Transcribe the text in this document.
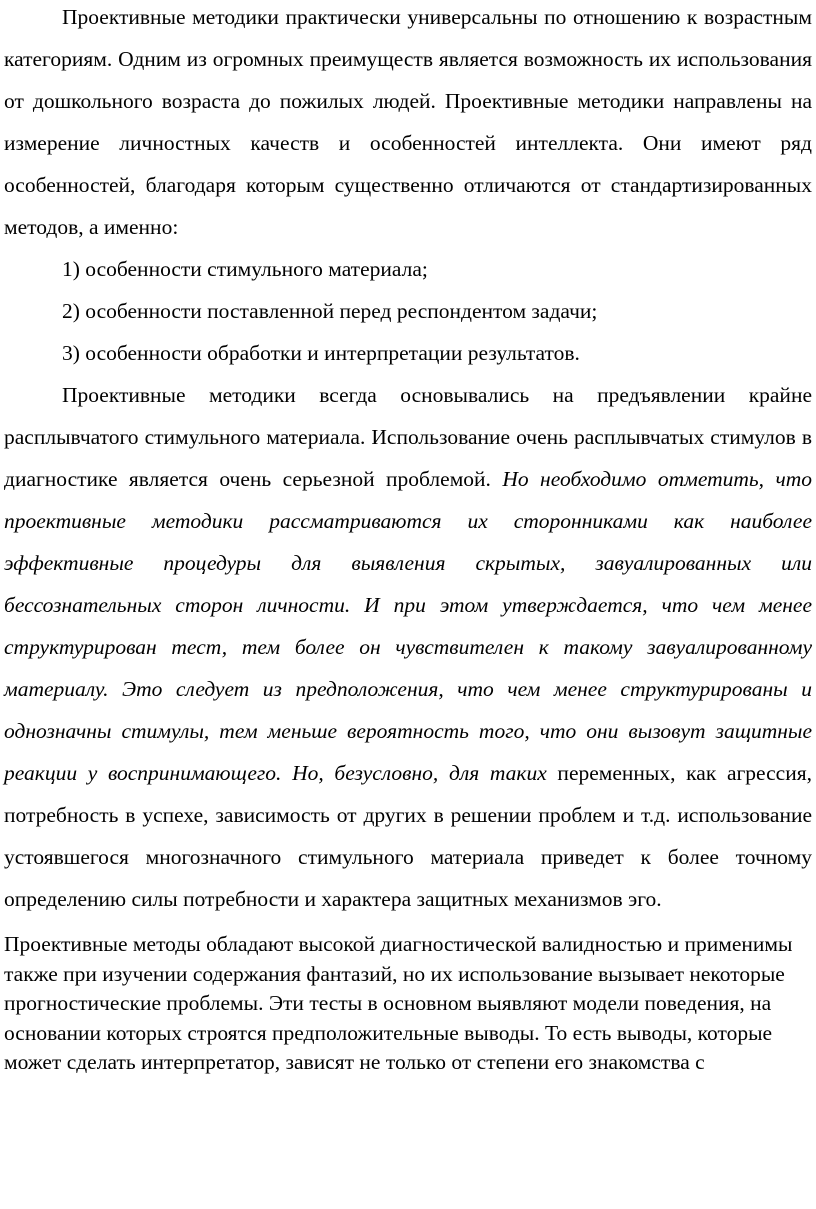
Проективные методики практически универсальны по отношению к возрастным категориям. Одним из огромных преимуществ является возможность их использования от дошкольного возраста до пожилых людей. Проективные методики направлены на измерение личностных качеств и особенностей интеллекта. Они имеют ряд особенностей, благодаря которым существенно отличаются от стандартизированных методов, а именно:

1) особенности стимульного материала;

2) особенности поставленной перед респондентом задачи;

3) особенности обработки и интерпретации результатов.

Проективные методики всегда основывались на предъявлении крайне расплывчатого стимульного материала. Использование очень расплывчатых стимулов в диагностике является очень серьезной проблемой. Но необходимо отметить, что проективные методики рассматриваются их сторонниками как наиболее эффективные процедуры для выявления скрытых, завуалированных или бессознательных сторон личности. И при этом утверждается, что чем менее структурирован тест, тем более он чувствителен к такому завуалированному материалу. Это следует из предположения, что чем менее структурированы и однозначны стимулы, тем меньше вероятность того, что они вызовут защитные реакции у воспринимающего. Но, безусловно, для таких переменных, как агрессия, потребность в успехе, зависимость от других в решении проблем и т.д. использование устоявшегося многозначного стимульного материала приведет к более точному определению силы потребности и характера защитных механизмов эго.

Проективные методы обладают высокой диагностической валидностью и применимы также при изучении содержания фантазий, но их использование вызывает некоторые прогностические проблемы. Эти тесты в основном выявляют модели поведения, на основании которых строятся предположительные выводы. То есть выводы, которые может сделать интерпретатор, зависят не только от степени его знакомства с
